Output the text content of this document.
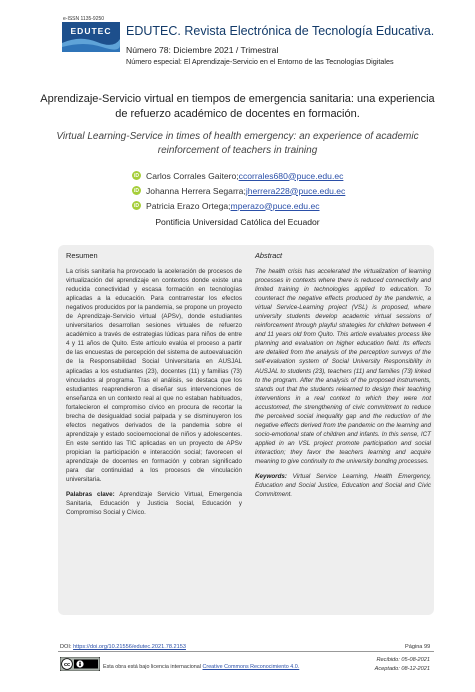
e-ISSN 1135-9250
EDUTEC EDUTEC. Revista Electrónica de Tecnología Educativa.
Número 78: Diciembre 2021 / Trimestral
Número especial: El Aprendizaje-Servicio en el Entorno de las Tecnologías Digitales
Aprendizaje-Servicio virtual en tiempos de emergencia sanitaria: una experiencia de refuerzo académico de docentes en formación.
Virtual Learning-Service in times of health emergency: an experience of academic reinforcement of teachers in training
iD Carlos Corrales Gaitero; ccorrales680@puce.edu.ec
iD Johanna Herrera Segarra; jherrera228@puce.edu.ec
iD Patricia Erazo Ortega; mperazo@puce.edu.ec
Pontificia Universidad Católica del Ecuador

Resumen

La crisis sanitaria ha provocado la aceleración de procesos de virtualización del aprendizaje en contextos donde existe una reducida conectividad y escasa formación en tecnologías aplicadas a la educación. Para contrarrestar los efectos negativos producidos por la pandemia, se propone un proyecto de Aprendizaje-Servicio virtual (APSv), donde estudiantes universitarios desarrollan sesiones virtuales de refuerzo académico a través de estrategias lúdicas para niños de entre 4 y 11 años de Quito. Este artículo evalúa el proceso a partir de las encuestas de percepción del sistema de autoevaluación de la Responsabilidad Social Universitaria en AUSJAL aplicadas a los estudiantes (23), docentes (11) y familias (73) vinculados al programa. Tras el análisis, se destaca que los estudiantes reaprendieron a diseñar sus intervenciones de enseñanza en un contexto real al que no estaban habituados, fortalecieron el compromiso cívico en procura de recortar la brecha de desigualdad social palpada y se disminuyeron los efectos negativos derivados de la pandemia sobre el aprendizaje y estado socioemocional de niños y adolescentes. En este sentido las TIC aplicadas en un proyecto de APSv propician la participación e interacción social; favorecen el aprendizaje de docentes en formación y cobran significado para dar continuidad a los procesos de vinculación universitaria.

Palabras clave: Aprendizaje Servicio Virtual, Emergencia Sanitaria, Educación y Justicia Social, Educación y Compromiso Social y Cívico.

Abstract

The health crisis has accelerated the virtualization of learning processes in contexts where there is reduced connectivity and limited training in technologies applied to education. To counteract the negative effects produced by the pandemic, a virtual Service-Learning project (VSL) is proposed, where university students develop academic virtual sessions of reinforcement through playful strategies for children between 4 and 11 years old from Quito. This article evaluates process like planning and evaluation on higher education field. Its effects are detailed from the analysis of the perception surveys of the self-evaluation system of Social University Responsibility in AUSJAL to students (23), teachers (11) and families (73) linked to the program. After the analysis of the proposed instruments, stands out that the students relearned to design their teaching interventions in a real context to which they were not accustomed, the strengthening of civic commitment to reduce the perceived social inequality gap and the reduction of the negative effects derived from the pandemic on the learning and socio-emotional state of children and infants. In this sense, ICT applied in an VSL project promote participation and social interaction; they favor the teachers learning and acquire meaning to give continuity to the university bonding processes.

Keywords: Virtual Service Learning, Health Emergency, Education and Social Justice, Education and Social and Civic Commitment.

DOI: https://doi.org/10.21556/edutec.2021.78.2153	Página 99
cc	Esta obra está bajo licencia internacional Creative Commons Reconocimiento 4.0.
Recibido: 05-08-2021
Aceptado: 08-12-2021
